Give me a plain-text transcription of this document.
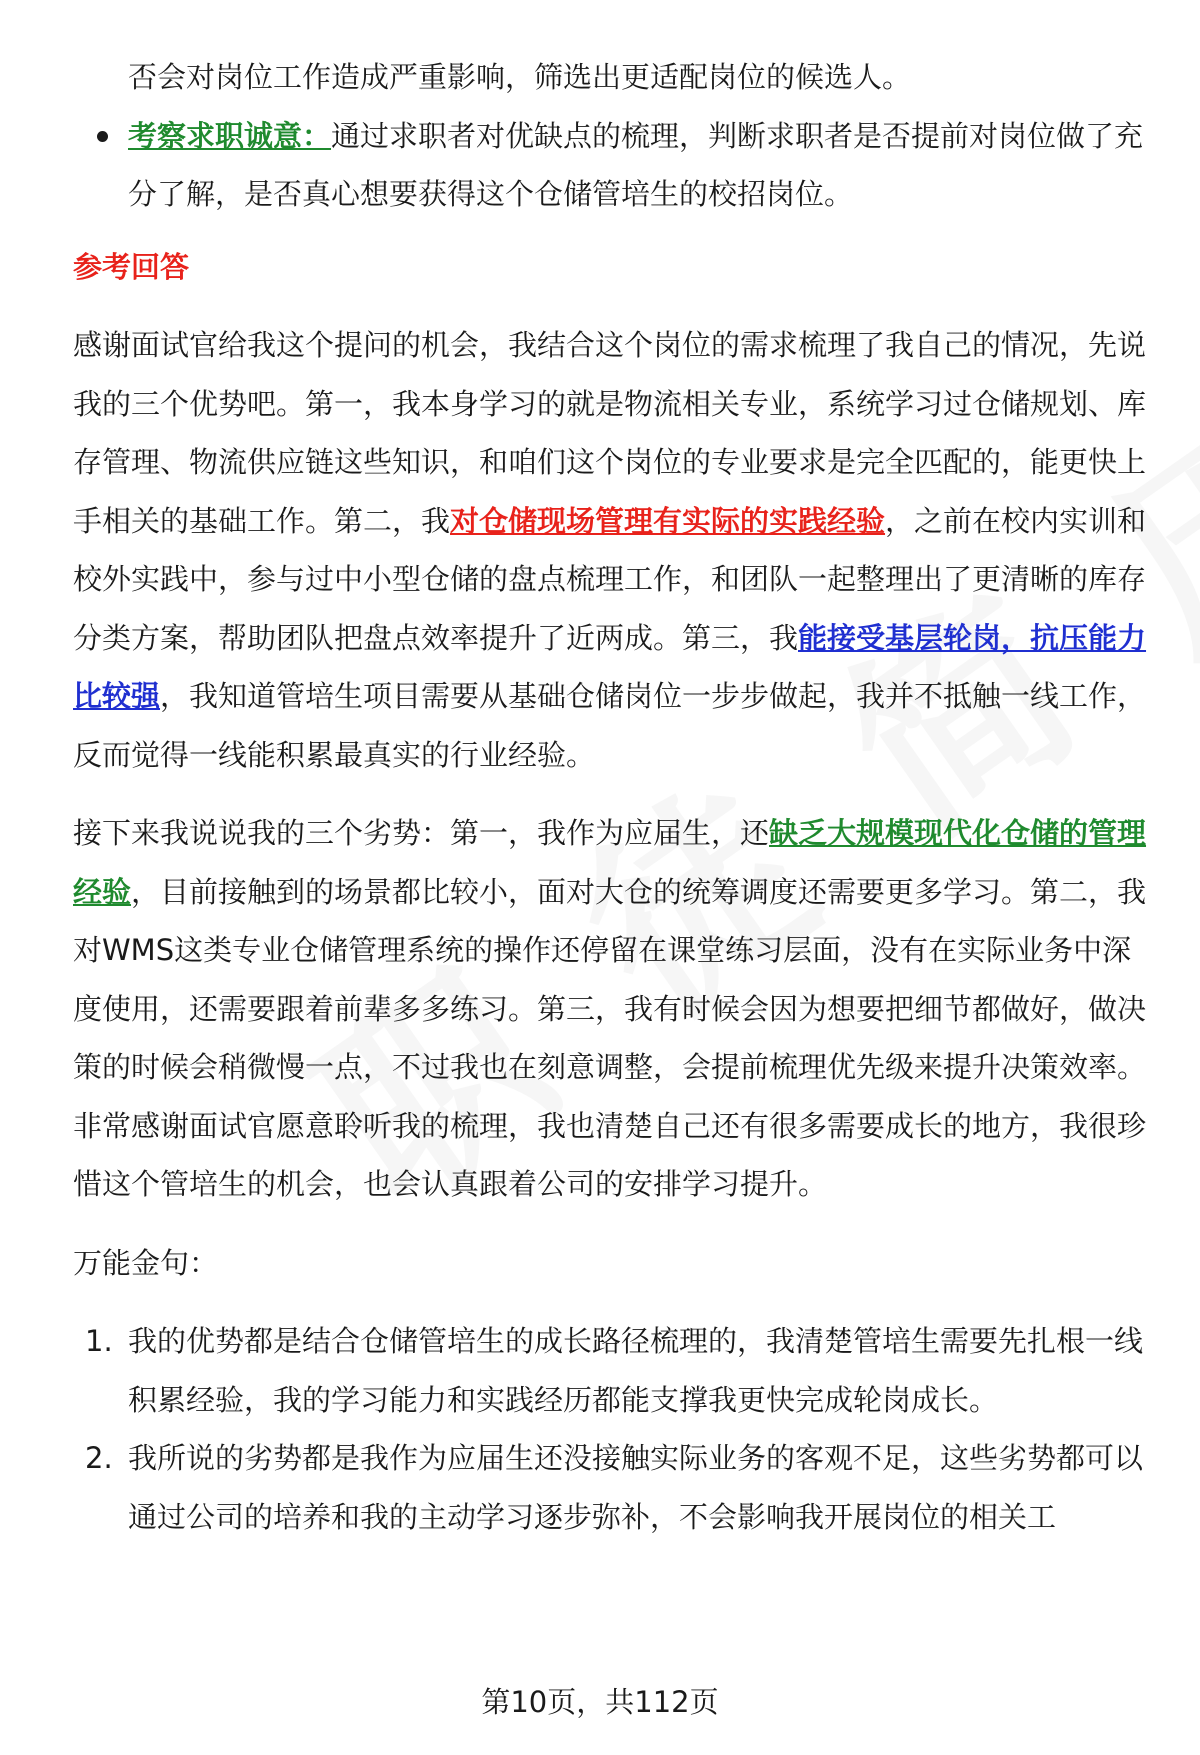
否会对岗位工作造成严重影响，筛选出更适配岗位的候选人。

考察求职诚意：通过求职者对优缺点的梳理，判断求职者是否提前对岗位做了充分了解，是否真心想要获得这个仓储管培生的校招岗位。

参考回答

感谢面试官给我这个提问的机会，我结合这个岗位的需求梳理了我自己的情况，先说我的三个优势吧。第一，我本身学习的就是物流相关专业，系统学习过仓储规划、库存管理、物流供应链这些知识，和咱们这个岗位的专业要求是完全匹配的，能更快上手相关的基础工作。第二，我对仓储现场管理有实际的实践经验，之前在校内实训和校外实践中，参与过中小型仓储的盘点梳理工作，和团队一起整理出了更清晰的库存分类方案，帮助团队把盘点效率提升了近两成。第三，我能接受基层轮岗，抗压能力比较强，我知道管培生项目需要从基础仓储岗位一步步做起，我并不抵触一线工作，反而觉得一线能积累最真实的行业经验。

接下来我说说我的三个劣势：第一，我作为应届生，还缺乏大规模现代化仓储的管理经验，目前接触到的场景都比较小，面对大仓的统筹调度还需要更多学习。第二，我对WMS这类专业仓储管理系统的操作还停留在课堂练习层面，没有在实际业务中深度使用，还需要跟着前辈多多练习。第三，我有时候会因为想要把细节都做好，做决策的时候会稍微慢一点，不过我也在刻意调整，会提前梳理优先级来提升决策效率。

非常感谢面试官愿意聆听我的梳理，我也清楚自己还有很多需要成长的地方，我很珍惜这个管培生的机会，也会认真跟着公司的安排学习提升。

万能金句：

1. 我的优势都是结合仓储管培生的成长路径梳理的，我清楚管培生需要先扎根一线积累经验，我的学习能力和实践经历都能支撑我更快完成轮岗成长。
2. 我所说的劣势都是我作为应届生还没接触实际业务的客观不足，这些劣势都可以通过公司的培养和我的主动学习逐步弥补，不会影响我开展岗位的相关工
第10页，共112页
